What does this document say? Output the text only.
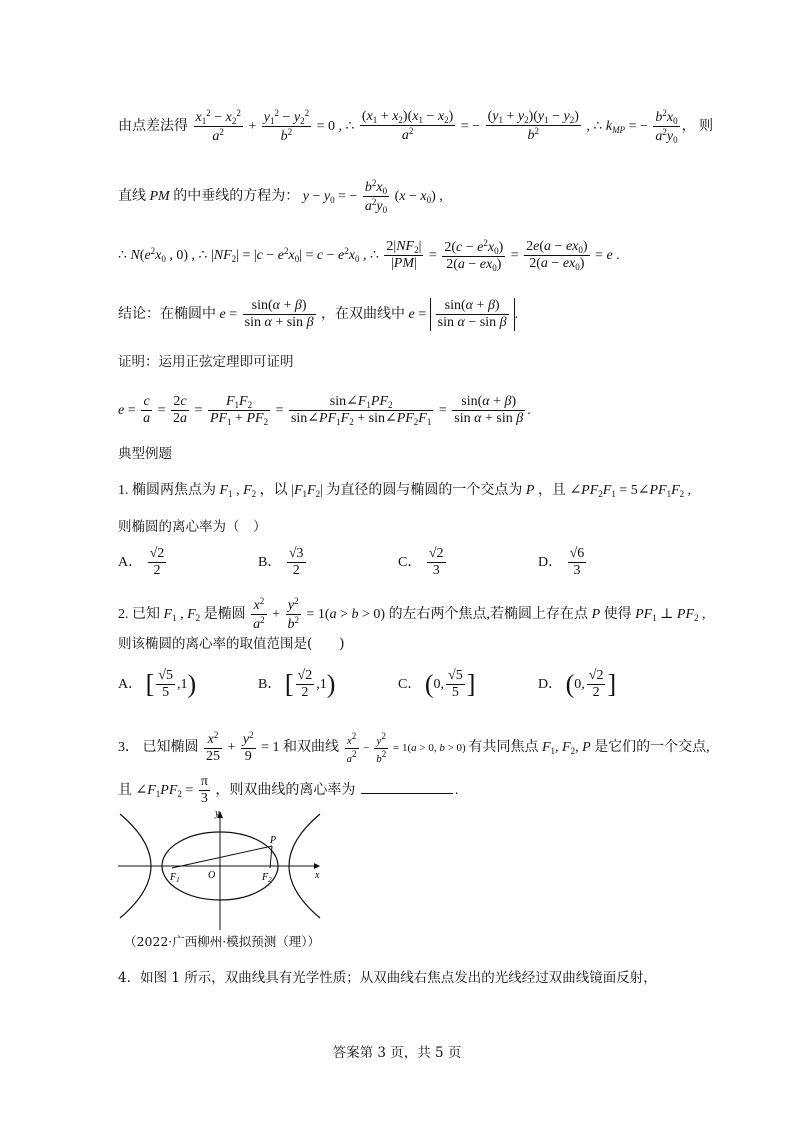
由点差法得 $\frac{x_1^2 - x_2^2}{a^2} + \frac{y_1^2 - y_2^2}{b^2} = 0$ , ∴ $\frac{(x_1 + x_2)(x_1 - x_2)}{a^2}$ = − $\frac{(y_1 + y_2)(y_1 - y_2)}{b^2}$ , ∴ $k_{MP}$ = − $\frac{b^2x_0}{a^2y_0}$ ， 则
直线 PM 的中垂线的方程为： $y - y_0$ = − $\frac{b^2x_0}{a^2y_0} (x - x_0)$ ,
∴ $N(e^2x_0$ , 0) , ∴ $|NF_2| = |c - e^2x_0| = c - e^2x_0$ , ∴ $\frac{2|NF_2|}{|PM|} = \frac{2(c - e^2x_0)}{2(a - ex_0)} = \frac{2e(a - ex_0)}{2(a - ex_0)} = e$ .
结论：在椭圆中 $e = \frac{\sin(\alpha + \beta)}{\text{sin α + sin β}}$ ，在双曲线中 $e = \frac{\sin(\alpha + \beta)}{\text{sin α − sin β}}$ .
证明：运用正弦定理即可证明
$e = \frac{c}{a} = \frac{2c}{2a} = \frac{F_1F_2}{PF_1 + PF_2} = \frac{\sin\angle F_1PF_2}{\sin\angle PF_1F_2 + \sin\angle PF_2F_1} = \frac{\sin(\alpha + \beta)}{\text{sin α + sin β}}$ .
典型例题
1. 椭圆两焦点为 $F_1$ , $F_2$ ，以 $|F_1F_2|$ 为直径的圆与椭圆的一个交点为 P ，且 $\angle PF_2F_1$ = $5\angle PF_1F_2$ ,
则椭圆的离心率为（　）
A． $\frac{√2}{2}$	B． $\frac{√3}{2}$	C． $\frac{√2}{3}$	D． $\frac{√6}{3}$
2. 已知 $F_1$ , $F_2$ 是椭圆 $\frac{x^2}{a^2} + \frac{y^2}{b^2} = 1(a > b > 0)$ 的左右两个焦点,若椭圆上存在点 P 使得 $PF_1$ ⊥ $PF_2$ ,
则该椭圆的离心率的取值范围是(　　)
A． [ $\frac{√5}{5} ,1$)	B． [ $\frac{√2}{2} ,1$)	C． (0, $\frac{√5}{5}$ ]	D． (0, $\frac{√2}{2}$ ]
3． 已知椭圆 $\frac{x^2}{25} + \frac{y^2}{9} = 1$ 和双曲线 $\frac{x^2}{a^2} - \frac{y^2}{b^2} = 1(a > 0$, b > 0) 有共同焦点 $F_1$, $F_2$, P 是它们的一个交点,
且 $\angle F_1PF_2 = \frac{\pi}{3}$ ，则双曲线的离心率为	.
y
x
O
P
$F_1$	$F_2$
（2022·广西柳州·模拟预测（理））
4．如图 1 所示，双曲线具有光学性质；从双曲线右焦点发出的光线经过双曲线镜面反射，
答案第 3 页，共 5 页
